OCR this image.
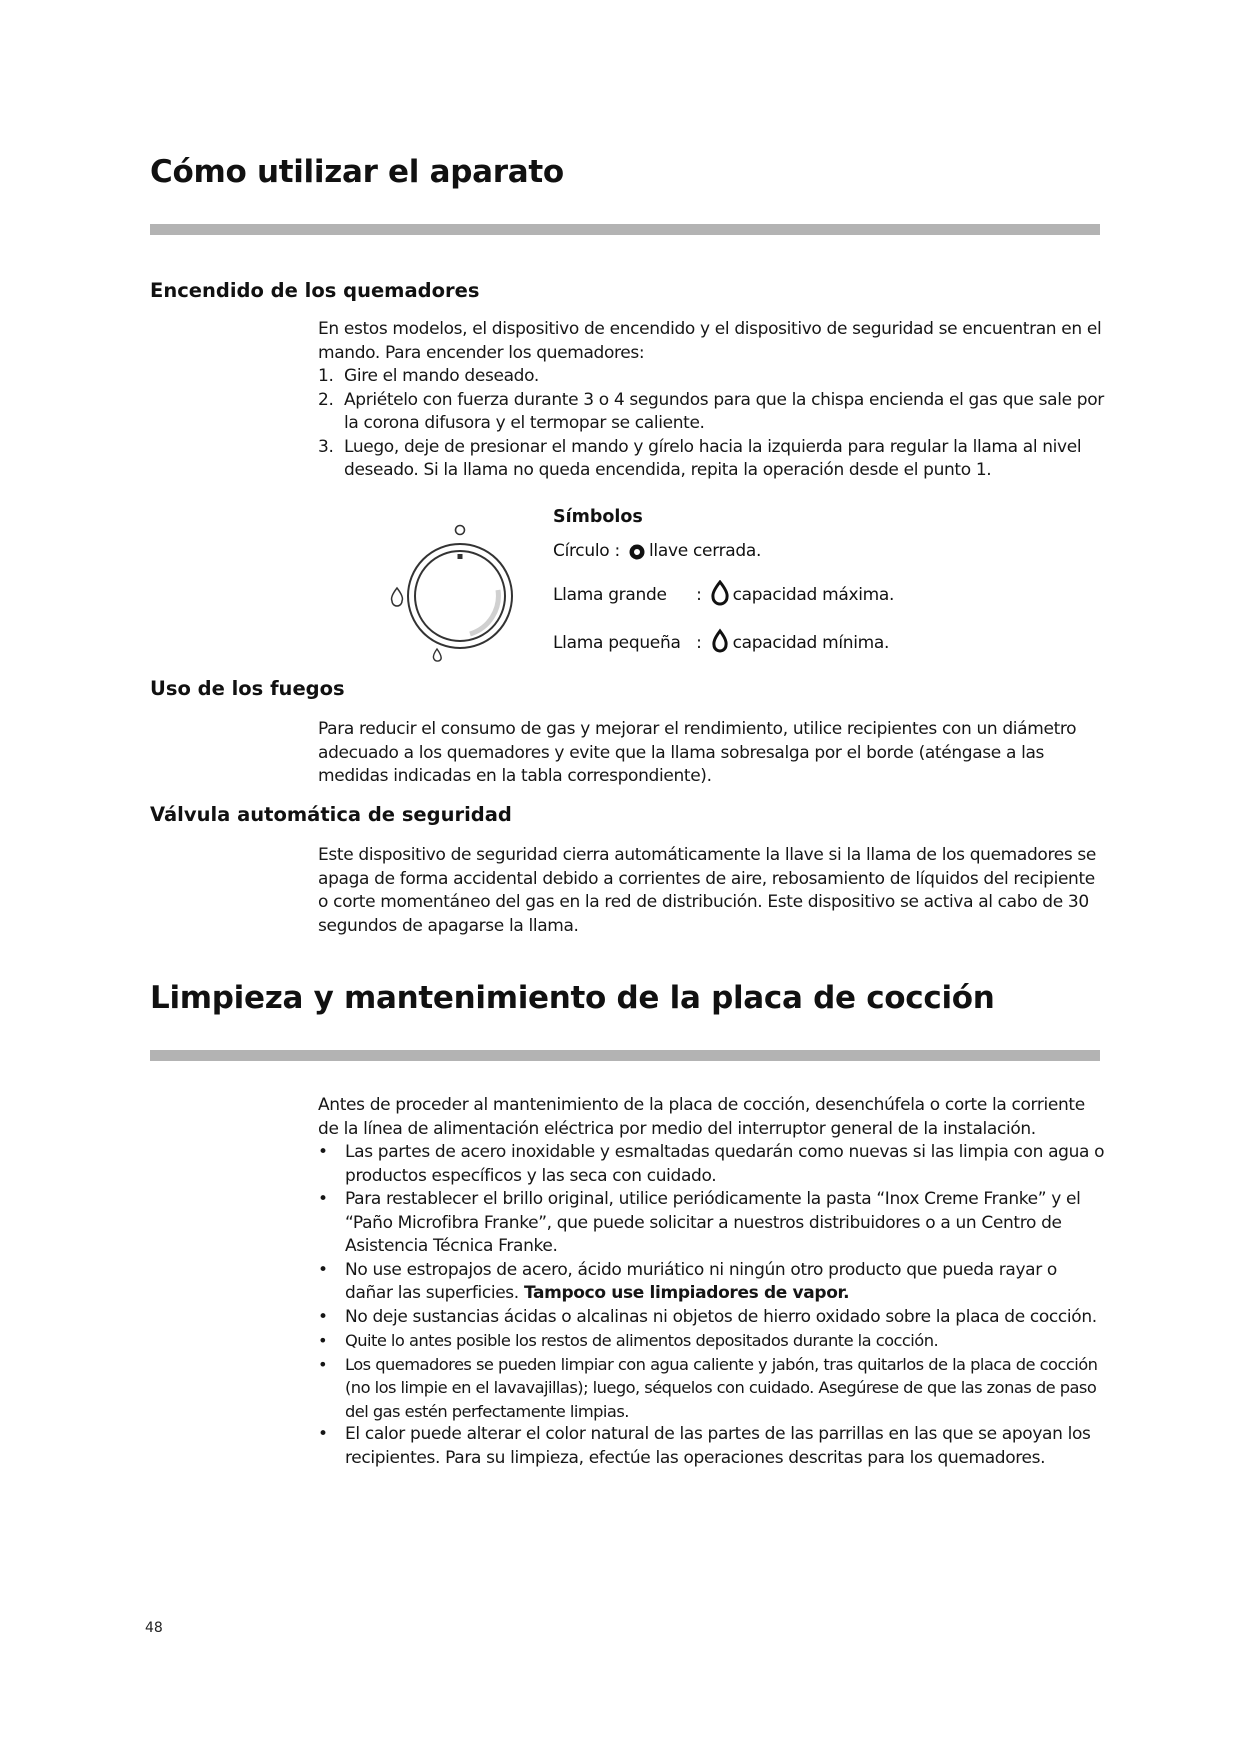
Cómo utilizar el aparato
Encendido de los quemadores

En estos modelos, el dispositivo de encendido y el dispositivo de seguridad se encuentran en el mando. Para encender los quemadores:

1. Gire el mando deseado.
2. Apriételo con fuerza durante 3 o 4 segundos para que la chispa encienda el gas que sale por la corona difusora y el termopar se caliente.
3. Luego, deje de presionar el mando y gírelo hacia la izquierda para regular la llama al nivel deseado. Si la llama no queda encendida, repita la operación desde el punto 1.
Símbolos
Círculo : llave cerrada.
Llama grande : capacidad máxima.
Llama pequeña : capacidad mínima.
Uso de los fuegos

Para reducir el consumo de gas y mejorar el rendimiento, utilice recipientes con un diámetro adecuado a los quemadores y evite que la llama sobresalga por el borde (aténgase a las medidas indicadas en la tabla correspondiente).

Válvula automática de seguridad

Este dispositivo de seguridad cierra automáticamente la llave si la llama de los quemadores se apaga de forma accidental debido a corrientes de aire, rebosamiento de líquidos del recipiente o corte momentáneo del gas en la red de distribución. Este dispositivo se activa al cabo de 30 segundos de apagarse la llama.

Limpieza y mantenimiento de la placa de cocción

Antes de proceder al mantenimiento de la placa de cocción, desenchúfela o corte la corriente de la línea de alimentación eléctrica por medio del interruptor general de la instalación.

• Las partes de acero inoxidable y esmaltadas quedarán como nuevas si las limpia con agua o productos específicos y las seca con cuidado.
• Para restablecer el brillo original, utilice periódicamente la pasta “Inox Creme Franke” y el “Paño Microfibra Franke”, que puede solicitar a nuestros distribuidores o a un Centro de Asistencia Técnica Franke.
• No use estropajos de acero, ácido muriático ni ningún otro producto que pueda rayar o dañar las superficies. Tampoco use limpiadores de vapor.
• No deje sustancias ácidas o alcalinas ni objetos de hierro oxidado sobre la placa de cocción.
• Quite lo antes posible los restos de alimentos depositados durante la cocción.
• Los quemadores se pueden limpiar con agua caliente y jabón, tras quitarlos de la placa de cocción (no los limpie en el lavavajillas); luego, séquelos con cuidado. Asegúrese de que las zonas de paso del gas estén perfectamente limpias.
• El calor puede alterar el color natural de las partes de las parrillas en las que se apoyan los recipientes. Para su limpieza, efectúe las operaciones descritas para los quemadores.
48
